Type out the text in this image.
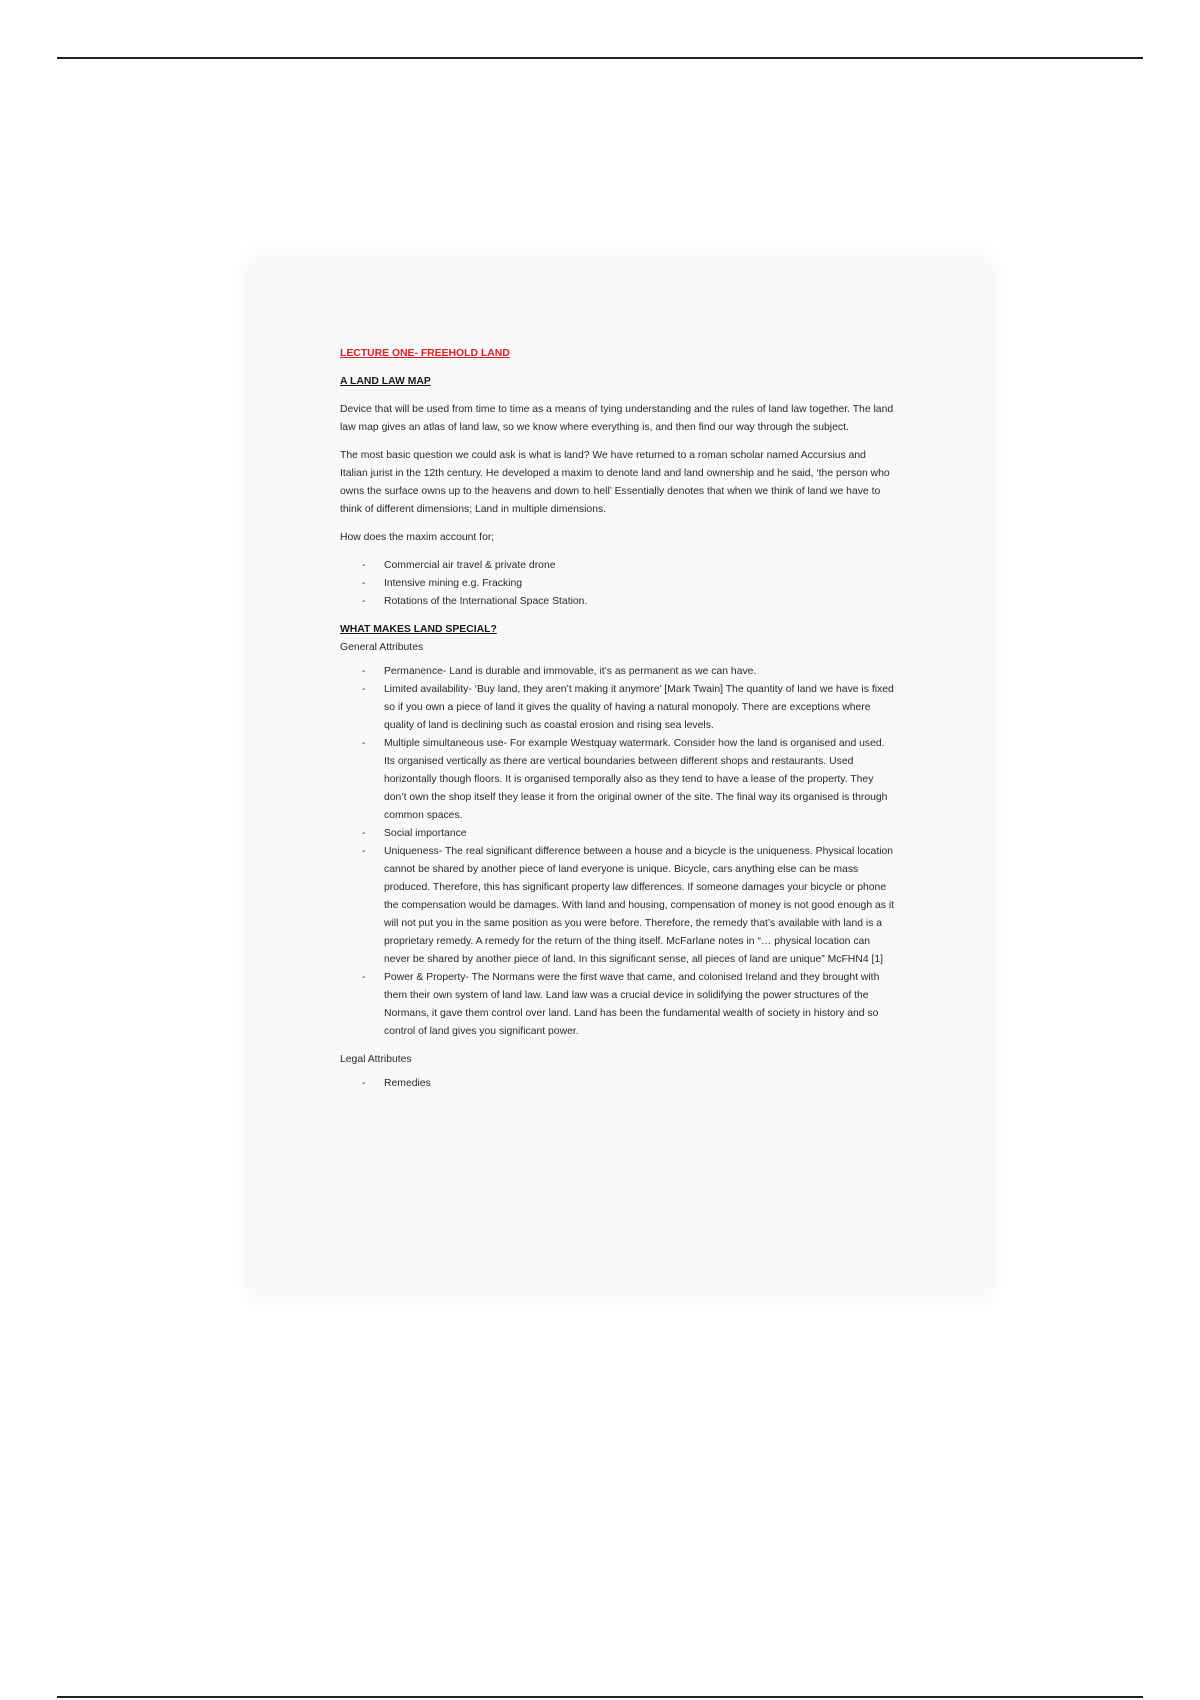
LECTURE ONE- FREEHOLD LAND

A LAND LAW MAP

Device that will be used from time to time as a means of tying understanding and the rules of land law together. The land law map gives an atlas of land law, so we know where everything is, and then find our way through the subject.

The most basic question we could ask is what is land? We have returned to a roman scholar named Accursius and Italian jurist in the 12th century. He developed a maxim to denote land and land ownership and he said, ‘the person who owns the surface owns up to the heavens and down to hell’ Essentially denotes that when we think of land we have to think of different dimensions; Land in multiple dimensions.

How does the maxim account for;

- Commercial air travel & private drone
- Intensive mining e.g. Fracking
- Rotations of the International Space Station.

WHAT MAKES LAND SPECIAL?

General Attributes

- Permanence- Land is durable and immovable, it’s as permanent as we can have.
- Limited availability- ‘Buy land, they aren’t making it anymore’ [Mark Twain] The quantity of land we have is fixed so if you own a piece of land it gives the quality of having a natural monopoly. There are exceptions where quality of land is declining such as coastal erosion and rising sea levels.
- Multiple simultaneous use- For example Westquay watermark. Consider how the land is organised and used. Its organised vertically as there are vertical boundaries between different shops and restaurants. Used horizontally though floors. It is organised temporally also as they tend to have a lease of the property. They don’t own the shop itself they lease it from the original owner of the site. The final way its organised is through common spaces.
- Social importance
- Uniqueness- The real significant difference between a house and a bicycle is the uniqueness. Physical location cannot be shared by another piece of land everyone is unique. Bicycle, cars anything else can be mass produced. Therefore, this has significant property law differences. If someone damages your bicycle or phone the compensation would be damages. With land and housing, compensation of money is not good enough as it will not put you in the same position as you were before. Therefore, the remedy that’s available with land is a proprietary remedy. A remedy for the return of the thing itself. McFarlane notes in “… physical location can never be shared by another piece of land. In this significant sense, all pieces of land are unique” McFHN4 [1]
- Power & Property- The Normans were the first wave that came, and colonised Ireland and they brought with them their own system of land law. Land law was a crucial device in solidifying the power structures of the Normans, it gave them control over land. Land has been the fundamental wealth of society in history and so control of land gives you significant power.

Legal Attributes

- Remedies
